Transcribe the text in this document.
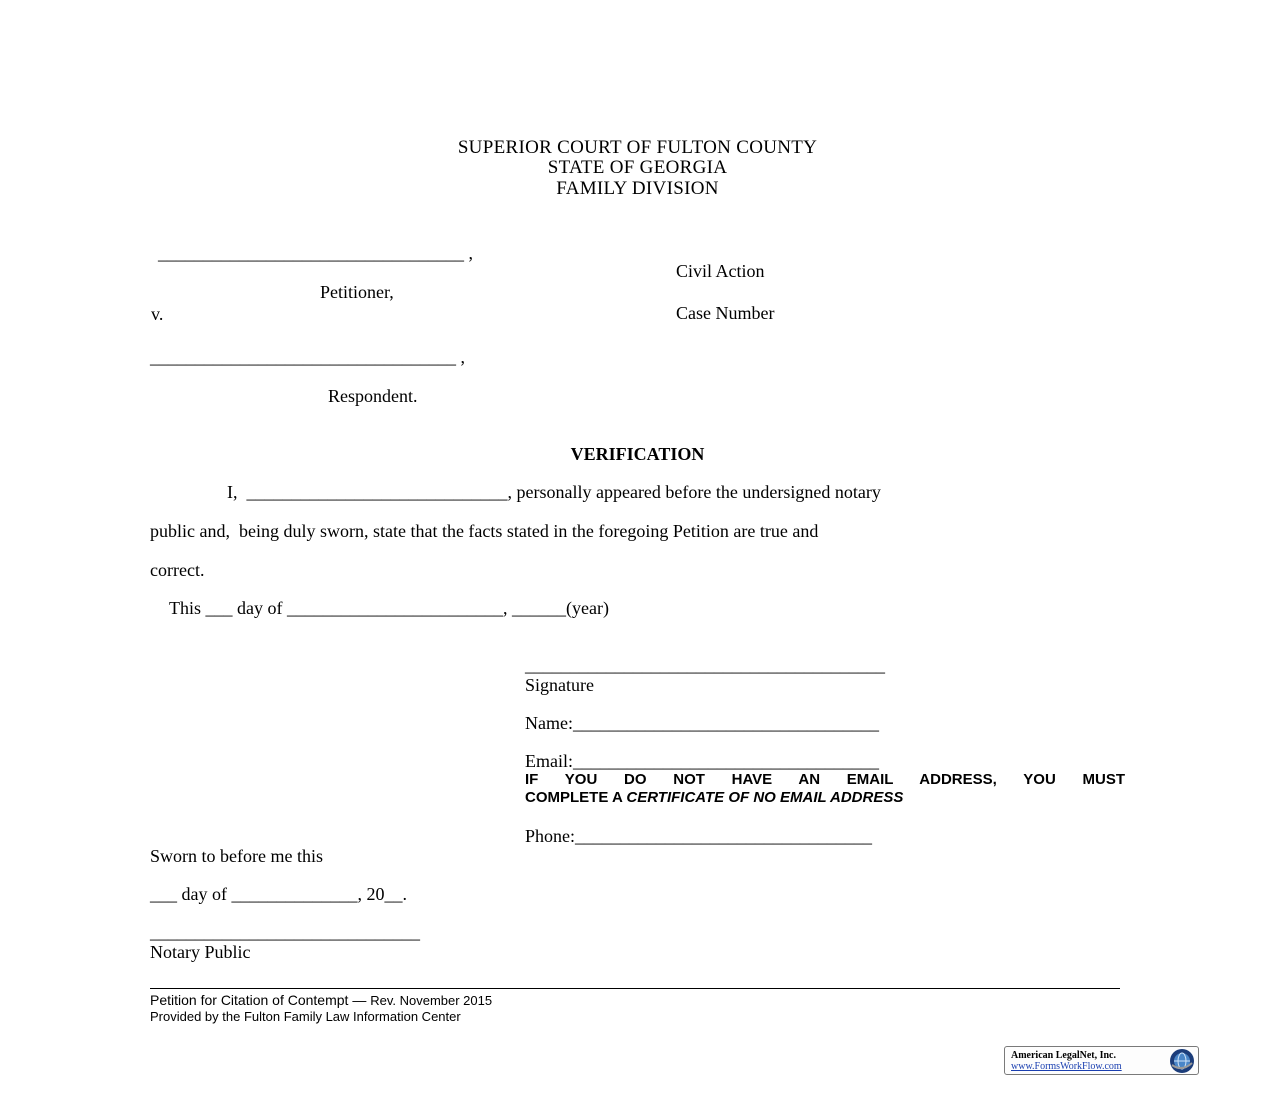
SUPERIOR COURT OF FULTON COUNTY
STATE OF GEORGIA
FAMILY DIVISION
__________________________________ ,
Civil Action
Petitioner,
v.	Case Number
__________________________________ ,
Respondent.
VERIFICATION
I,  _____________________________, personally appeared before the undersigned notary
public and,  being duly sworn, state that the facts stated in the foregoing Petition are true and
correct.
This ___ day of ________________________, ______(year)
________________________________________
Signature
Name:__________________________________
Email:__________________________________
IF YOU DO NOT HAVE AN EMAIL ADDRESS, YOU MUST
COMPLETE A CERTIFICATE OF NO EMAIL ADDRESS
Phone:_________________________________
Sworn to before me this
___ day of ______________, 20__.
______________________________
Notary Public
Petition for Citation of Contempt — Rev. November 2015
Provided by the Fulton Family Law Information Center
American LegalNet, Inc.
www.FormsWorkFlow.com
